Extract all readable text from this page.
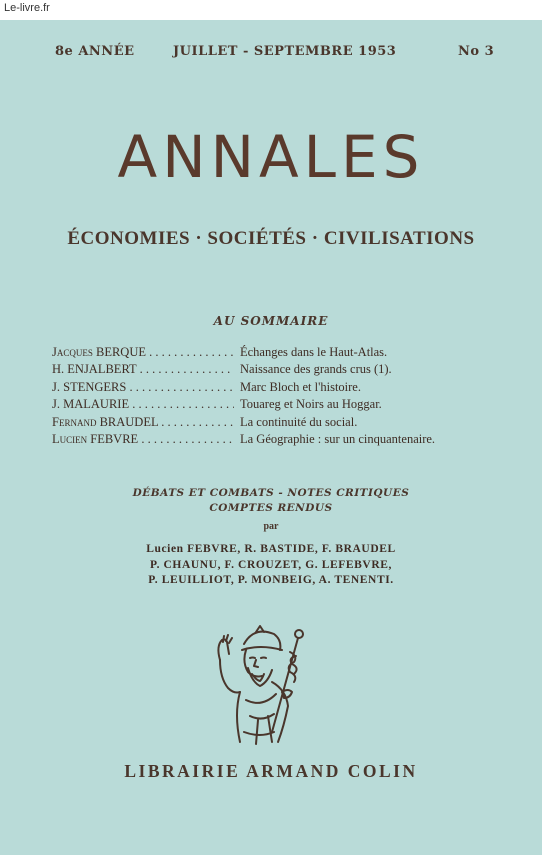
Le-livre.fr
8e ANNÉE	JUILLET - SEPTEMBRE 1953	No 3
ANNALES
ÉCONOMIES · SOCIÉTÉS · CIVILISATIONS
AU SOMMAIRE
Jacques BERQUE . . .	Échanges dans le Haut-Atlas.
H. ENJALBERT . . .	Naissance des grands crus (1).
J. STENGERS . . .	Marc Bloch et l'histoire.
J. MALAURIE . . .	Touareg et Noirs au Hoggar.
Fernand BRAUDEL . . .	La continuité du social.
Lucien FEBVRE . . .	La Géographie : sur un cinquantenaire.
DÉBATS ET COMBATS - NOTES CRITIQUES
COMPTES RENDUS
par
Lucien FEBVRE, R. BASTIDE, F. BRAUDEL
P. CHAUNU, F. CROUZET, G. LEFEBVRE,
P. LEUILLIOT, P. MONBEIG, A. TENENTI.
LIBRAIRIE ARMAND COLIN
